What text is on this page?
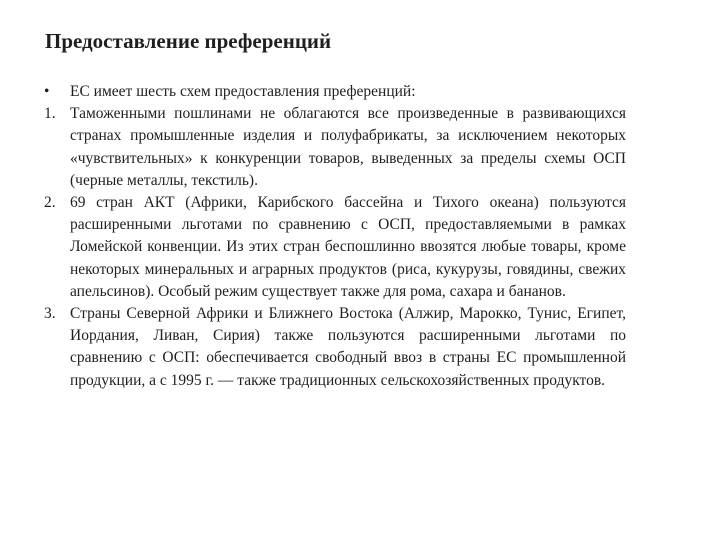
Предоставление преференций
•	ЕС имеет шесть схем предоставления преференций:
1. Таможенными пошлинами не облагаются все произведенные в развивающихся странах промышленные изделия и полуфабрикаты, за исключением некоторых «чувствительных» к конкуренции товаров, выведенных за пределы схемы ОСП (черные металлы, текстиль).
2. 69 стран АКТ (Африки, Карибского бассейна и Тихого океана) пользуются расширенными льготами по сравнению с ОСП, предоставляемыми в рамках Ломейской конвенции. Из этих стран беспошлинно ввозятся любые товары, кроме некоторых минеральных и аграрных продуктов (риса, кукурузы, говядины, свежих апельсинов). Особый режим существует также для рома, сахара и бананов.
3. Страны Северной Африки и Ближнего Востока (Алжир, Марокко, Тунис, Египет, Иордания, Ливан, Сирия) также пользуются расширенными льготами по сравнению с ОСП: обеспечивается свободный ввоз в страны ЕС промышленной продукции, а с 1995 г. — также традиционных сельскохозяйственных продуктов.
